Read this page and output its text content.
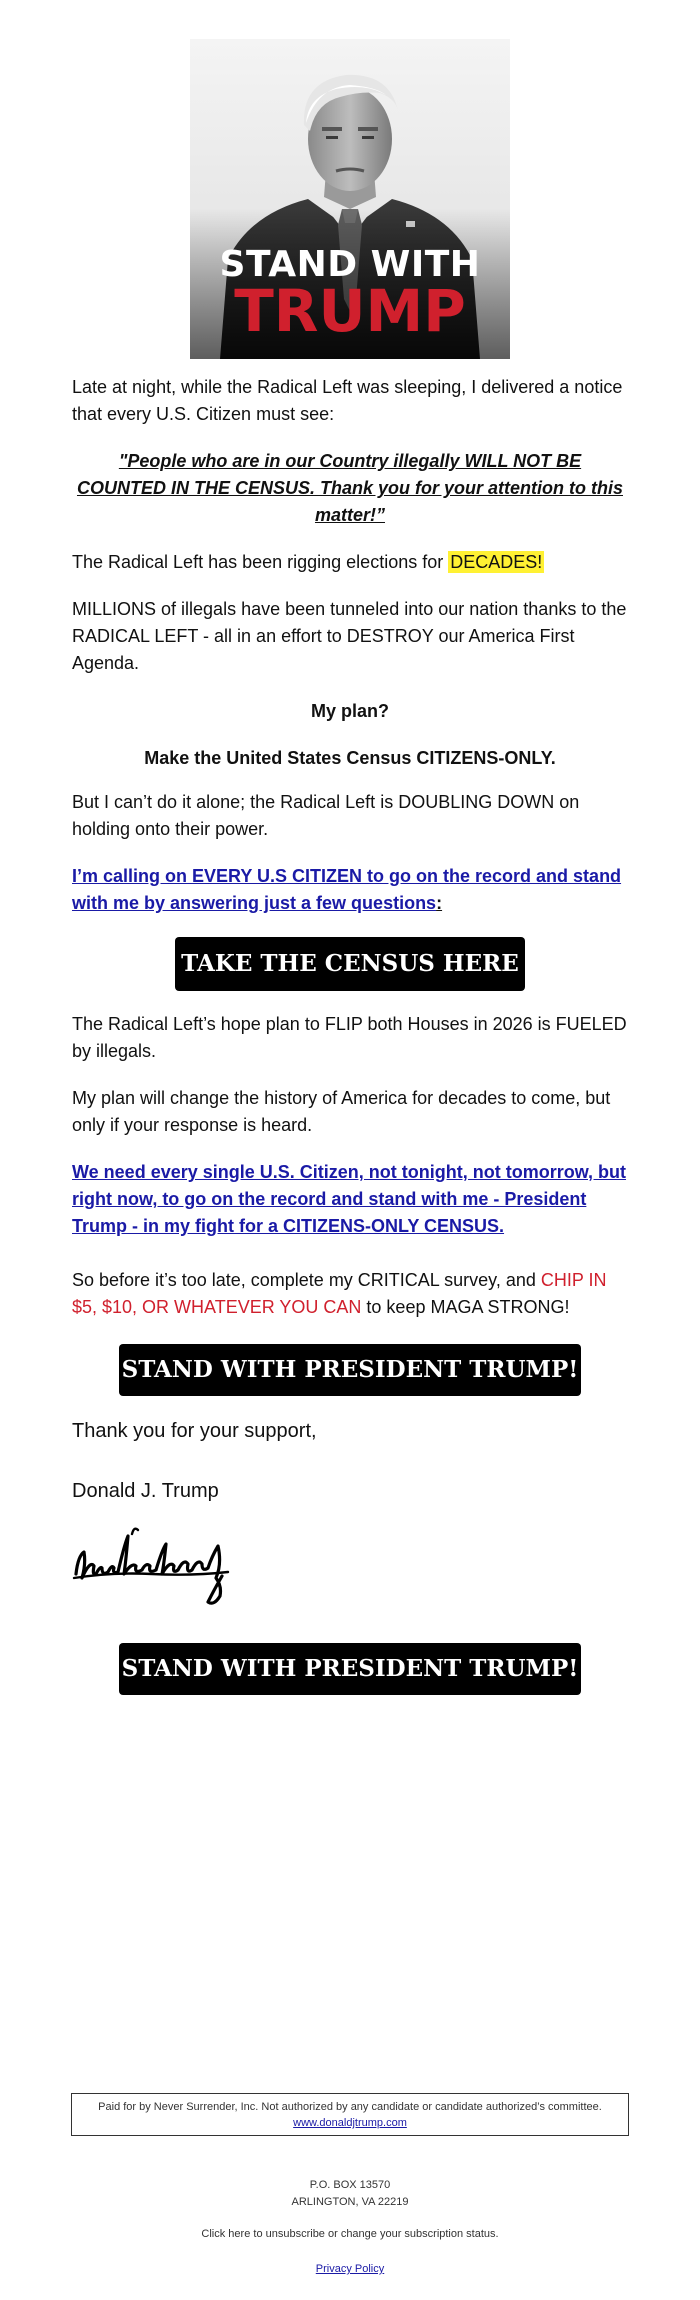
STAND WITH
TRUMP

Late at night, while the Radical Left was sleeping, I delivered a notice that every U.S. Citizen must see:

"People who are in our Country illegally WILL NOT BE COUNTED IN THE CENSUS. Thank you for your attention to this matter!”

The Radical Left has been rigging elections for DECADES!

MILLIONS of illegals have been tunneled into our nation thanks to the RADICAL LEFT - all in an effort to DESTROY our America First Agenda.

My plan?

Make the United States Census CITIZENS-ONLY.

But I can’t do it alone; the Radical Left is DOUBLING DOWN on holding onto their power.

I’m calling on EVERY U.S CITIZEN to go on the record and stand with me by answering just a few questions:

TAKE THE CENSUS HERE

The Radical Left’s hope plan to FLIP both Houses in 2026 is FUELED by illegals.

My plan will change the history of America for decades to come, but only if your response is heard.

We need every single U.S. Citizen, not tonight, not tomorrow, but right now, to go on the record and stand with me - President Trump - in my fight for a CITIZENS-ONLY CENSUS.

So before it’s too late, complete my CRITICAL survey, and CHIP IN $5, $10, OR WHATEVER YOU CAN to keep MAGA STRONG!

STAND WITH PRESIDENT TRUMP!

Thank you for your support,

Donald J. Trump

STAND WITH PRESIDENT TRUMP!
Paid for by Never Surrender, Inc. Not authorized by any candidate or candidate authorized’s committee.
www.donaldjtrump.com
P.O. BOX 13570
ARLINGTON, VA 22219
Click here to unsubscribe or change your subscription status.
Privacy Policy
